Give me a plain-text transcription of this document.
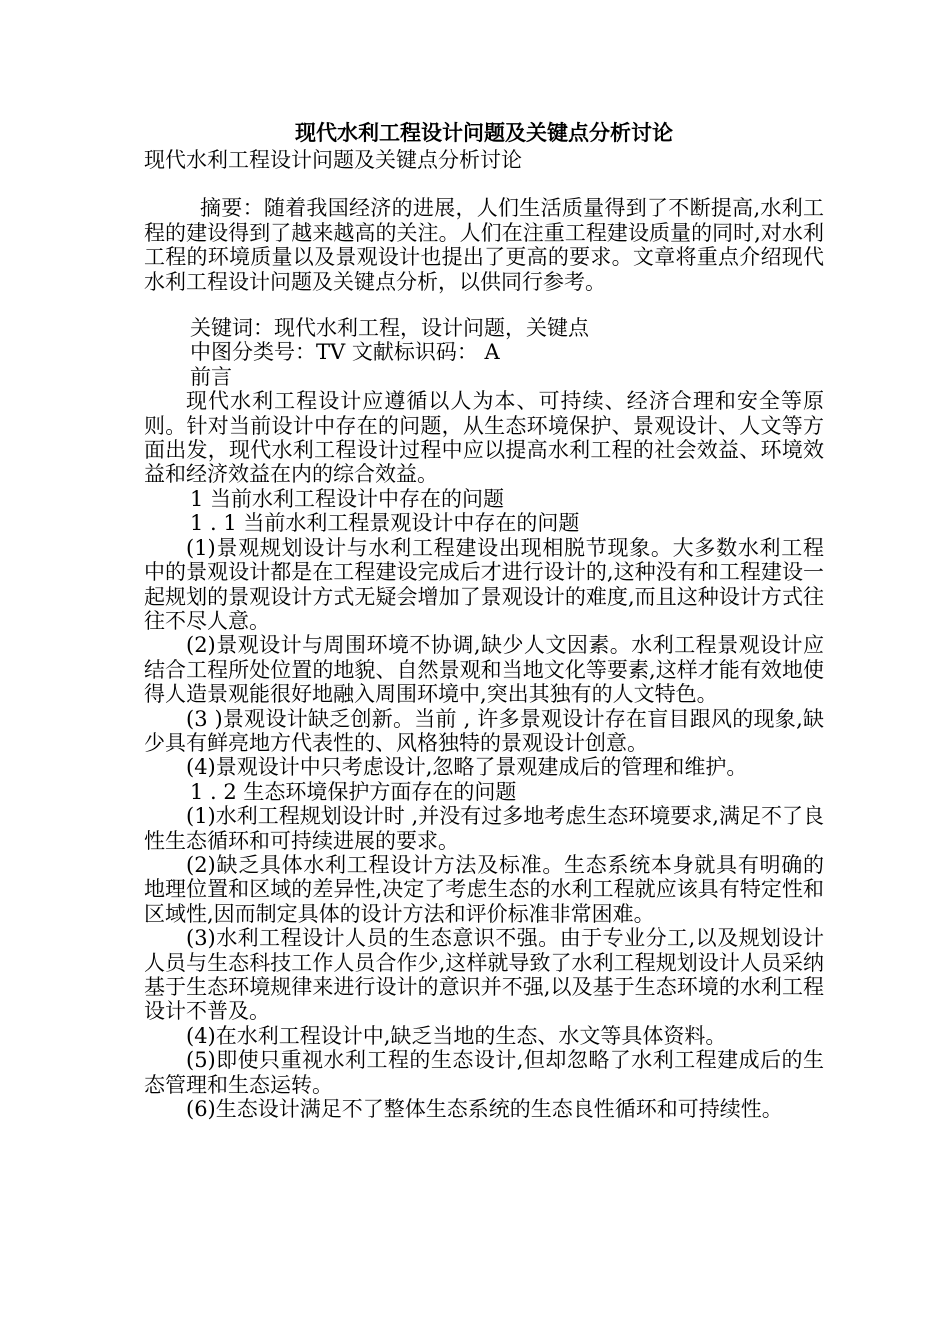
现代水利工程设计问题及关键点分析讨论

现代水利工程设计问题及关键点分析讨论

摘要：随着我国经济的进展，人们生活质量得到了不断提高,水利工程的建设得到了越来越高的关注。人们在注重工程建设质量的同时,对水利工程的环境质量以及景观设计也提出了更高的要求。文章将重点介绍现代水利工程设计问题及关键点分析，以供同行参考。

关键词：现代水利工程，设计问题，关键点

中图分类号：TV 文献标识码： A

前言

现代水利工程设计应遵循以人为本、可持续、经济合理和安全等原则。针对当前设计中存在的问题，从生态环境保护、景观设计、人文等方面出发，现代水利工程设计过程中应以提高水利工程的社会效益、环境效益和经济效益在内的综合效益。

1 当前水利工程设计中存在的问题

1 . 1 当前水利工程景观设计中存在的问题

(1)景观规划设计与水利工程建设出现相脱节现象。大多数水利工程中的景观设计都是在工程建设完成后才进行设计的,这种没有和工程建设一起规划的景观设计方式无疑会增加了景观设计的难度,而且这种设计方式往往不尽人意。

(2)景观设计与周围环境不协调,缺少人文因素。水利工程景观设计应结合工程所处位置的地貌、自然景观和当地文化等要素,这样才能有效地使得人造景观能很好地融入周围环境中,突出其独有的人文特色。

(3 )景观设计缺乏创新。当前 , 许多景观设计存在盲目跟风的现象,缺少具有鲜亮地方代表性的、风格独特的景观设计创意。

(4)景观设计中只考虑设计,忽略了景观建成后的管理和维护。

1 . 2 生态环境保护方面存在的问题

(1)水利工程规划设计时 ,并没有过多地考虑生态环境要求,满足不了良性生态循环和可持续进展的要求。

(2)缺乏具体水利工程设计方法及标准。生态系统本身就具有明确的地理位置和区域的差异性,决定了考虑生态的水利工程就应该具有特定性和区域性,因而制定具体的设计方法和评价标准非常困难。

(3)水利工程设计人员的生态意识不强。由于专业分工,以及规划设计人员与生态科技工作人员合作少,这样就导致了水利工程规划设计人员采纳基于生态环境规律来进行设计的意识并不强,以及基于生态环境的水利工程设计不普及。

(4)在水利工程设计中,缺乏当地的生态、水文等具体资料。

(5)即使只重视水利工程的生态设计,但却忽略了水利工程建成后的生态管理和生态运转。

(6)生态设计满足不了整体生态系统的生态良性循环和可持续性。
